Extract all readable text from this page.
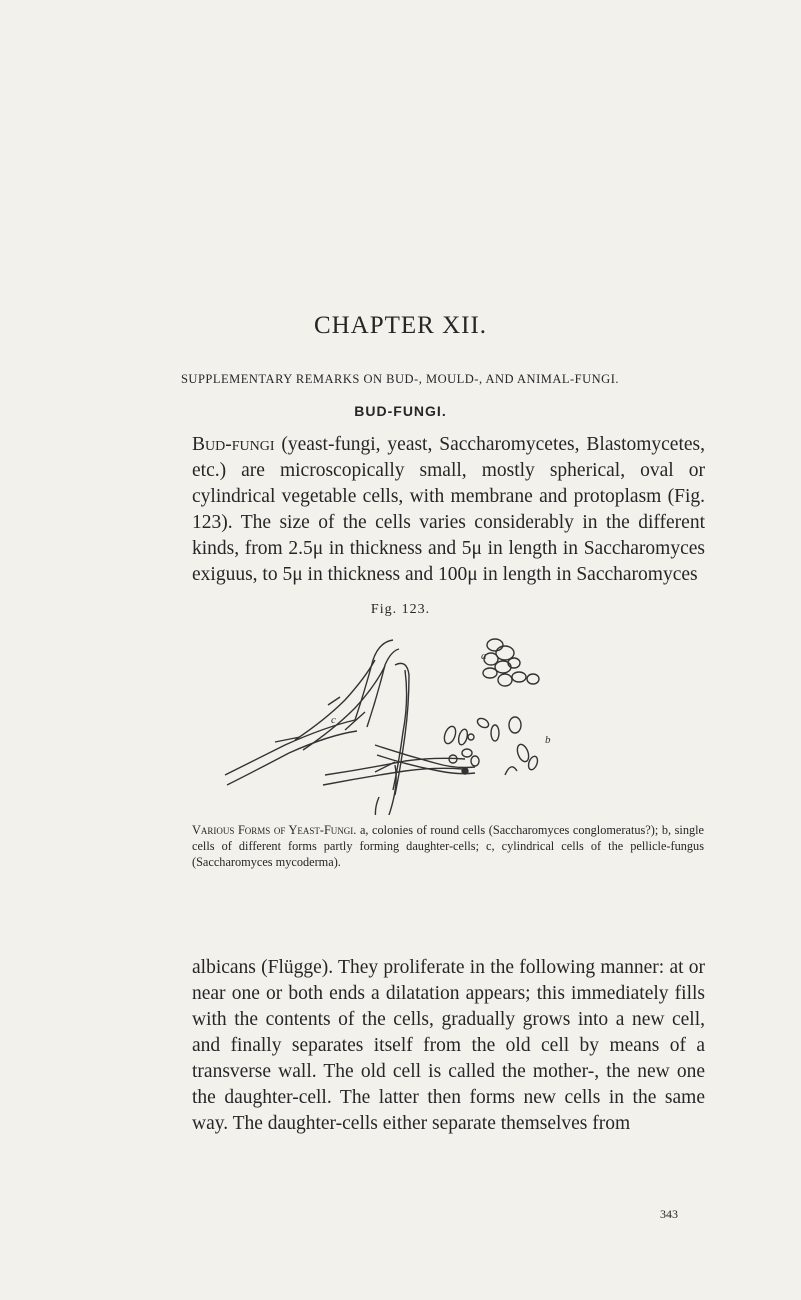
CHAPTER XII.
SUPPLEMENTARY REMARKS ON BUD-, MOULD-, AND ANIMAL-FUNGI.
BUD-FUNGI.
Bud-fungi (yeast-fungi, yeast, Saccharomycetes, Blastomycetes, etc.) are microscopically small, mostly spherical, oval or cylindrical vegetable cells, with membrane and protoplasm (Fig. 123). The size of the cells varies considerably in the different kinds, from 2.5μ in thickness and 5μ in length in Saccharomyces exiguus, to 5μ in thickness and 100μ in length in Saccharomyces
Fig. 123.
a
b
c
Various Forms of Yeast-Fungi. a, colonies of round cells (Saccharomyces conglomeratus?); b, single cells of different forms partly forming daughter-cells; c, cylindrical cells of the pellicle-fungus (Saccharomyces mycoderma).
albicans (Flügge). They proliferate in the following manner: at or near one or both ends a dilatation appears; this immediately fills with the contents of the cells, gradually grows into a new cell, and finally separates itself from the old cell by means of a transverse wall. The old cell is called the mother-, the new one the daughter-cell. The latter then forms new cells in the same way. The daughter-cells either separate themselves from
343
